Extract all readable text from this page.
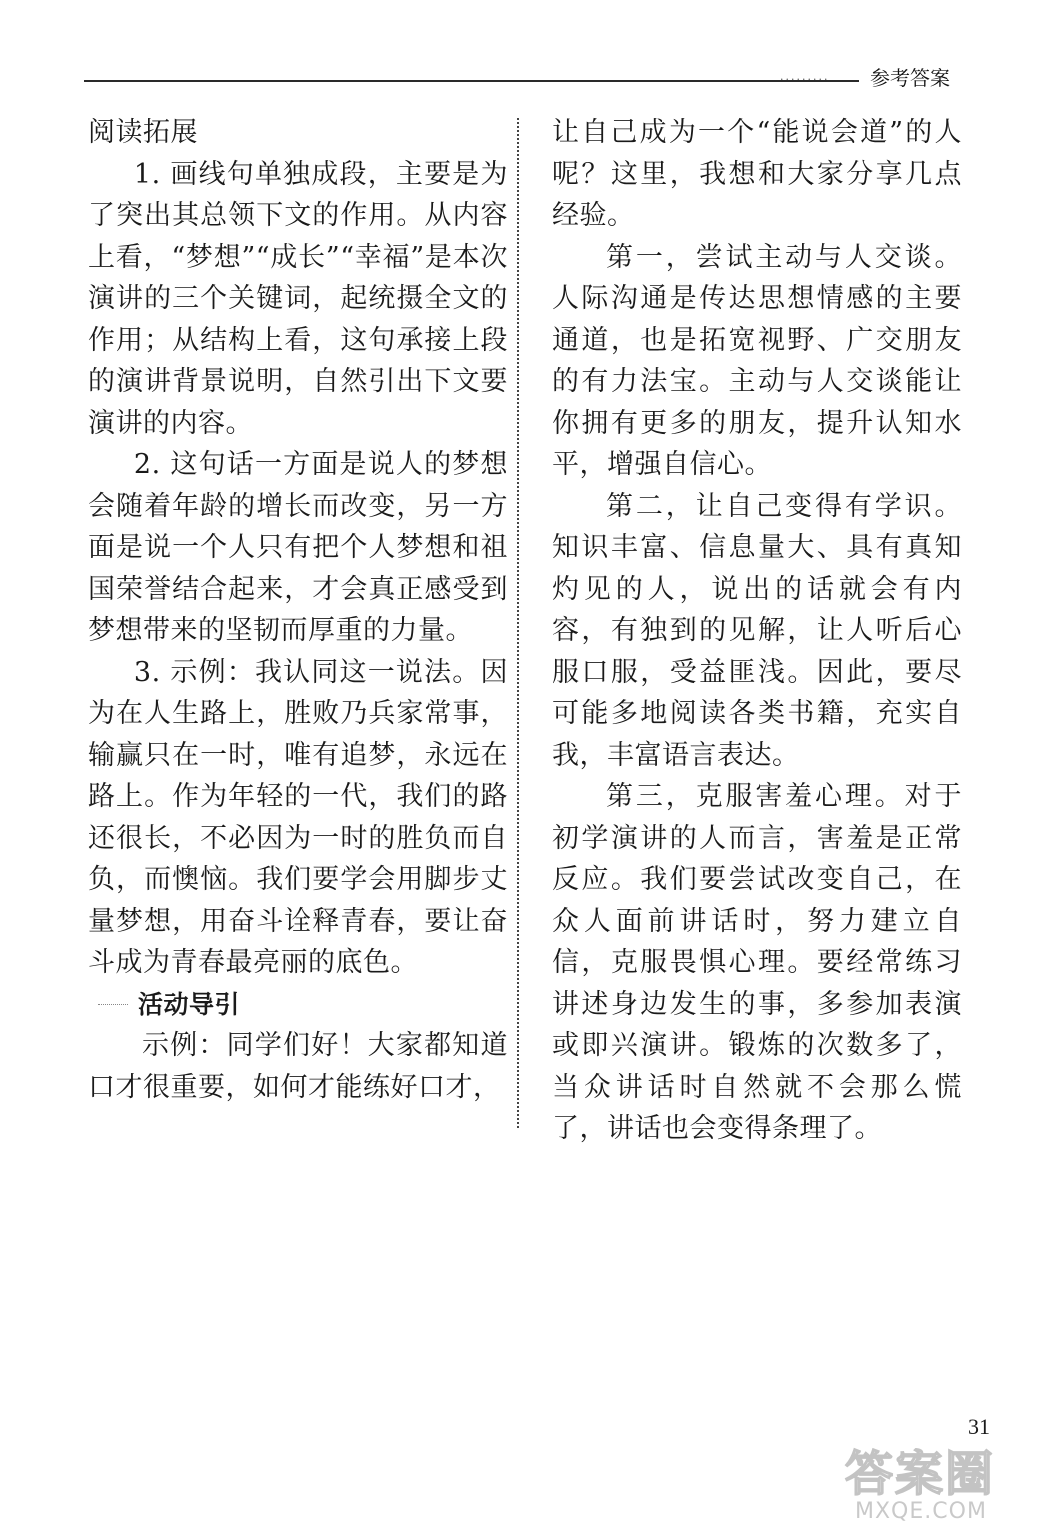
········· 参考答案

阅读拓展

1. 画线句单独成段，主要是为了突出其总领下文的作用。从内容上看，“梦想”“成长”“幸福”是本次演讲的三个关键词，起统摄全文的作用；从结构上看，这句承接上段的演讲背景说明，自然引出下文要演讲的内容。

2. 这句话一方面是说人的梦想会随着年龄的增长而改变，另一方面是说一个人只有把个人梦想和祖国荣誉结合起来，才会真正感受到梦想带来的坚韧而厚重的力量。

3. 示例：我认同这一说法。因为在人生路上，胜败乃兵家常事，输赢只在一时，唯有追梦，永远在路上。作为年轻的一代，我们的路还很长，不必因为一时的胜负而自负，而懊恼。我们要学会用脚步丈量梦想，用奋斗诠释青春，要让奋斗成为青春最亮丽的底色。

活动导引

示例：同学们好！大家都知道口才很重要，如何才能练好口才，

让自己成为一个“能说会道”的人呢？这里，我想和大家分享几点经验。

第一，尝试主动与人交谈。人际沟通是传达思想情感的主要通道，也是拓宽视野、广交朋友的有力法宝。主动与人交谈能让你拥有更多的朋友，提升认知水平，增强自信心。

第二，让自己变得有学识。知识丰富、信息量大、具有真知灼见的人，说出的话就会有内容，有独到的见解，让人听后心服口服，受益匪浅。因此，要尽可能多地阅读各类书籍，充实自我，丰富语言表达。

第三，克服害羞心理。对于初学演讲的人而言，害羞是正常反应。我们要尝试改变自己，在众人面前讲话时，努力建立自信，克服畏惧心理。要经常练习讲述身边发生的事，多参加表演或即兴演讲。锻炼的次数多了，当众讲话时自然就不会那么慌了，讲话也会变得条理了。

31
答案圈
MXQE.COM
